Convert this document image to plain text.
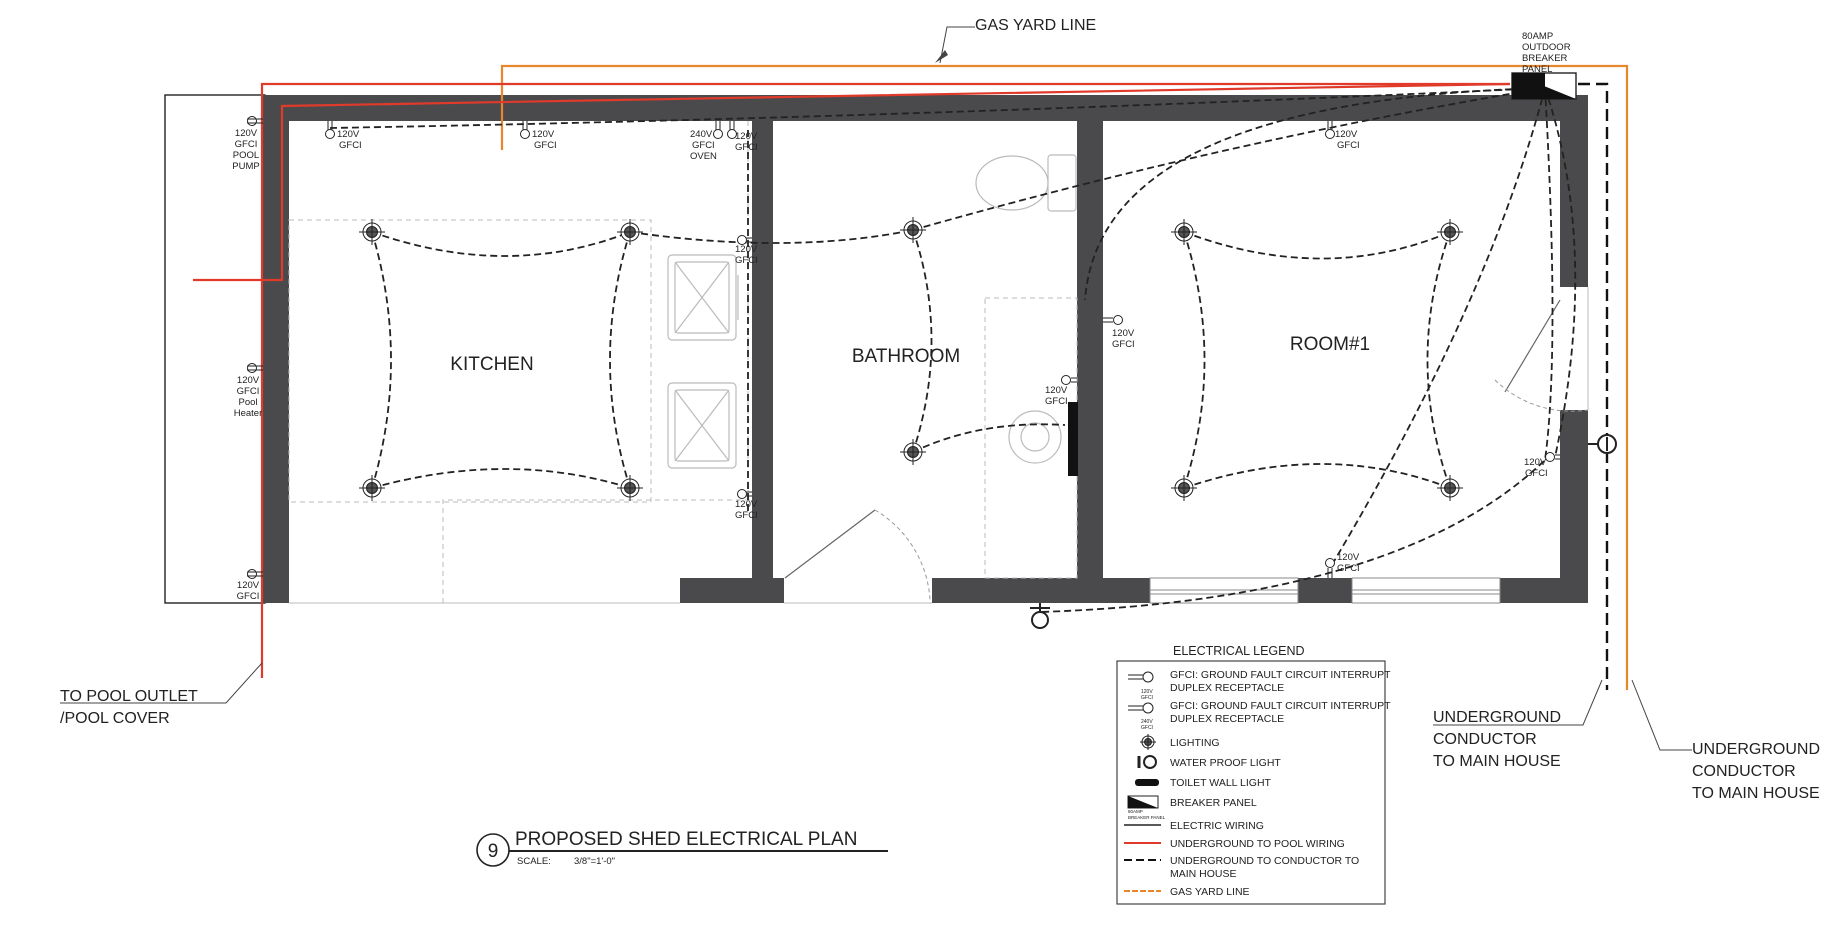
120V
GFCI
POOL
PUMP
120V
GFCI
Pool
Heater
120V
GFCI
120V
GFCI
120V
GFCI
240V
GFCI
OVEN
120V
GFCI
120V
GFCI
120V
GFCI
120V
GFCI
120V
GFCI
120V
GFCI
120V
GFCI
120V
GFCI
80AMP
OUTDOOR
BREAKER
PANEL
KITCHEN	BATHROOM
ROOM#1
GAS YARD LINE
TO POOL OUTLET
/POOL COVER	UNDERGROUND
CONDUCTOR
TO MAIN HOUSE
UNDERGROUND
CONDUCTOR
TO MAIN HOUSE
9
PROPOSED SHED ELECTRICAL PLAN
SCALE: 3/8"=1'-0"
ELECTRICAL LEGEND
120V
GFCI
GFCI: GROUND FAULT CIRCUIT INTERRUPT
DUPLEX RECEPTACLE
240V
GFCI
GFCI: GROUND FAULT CIRCUIT INTERRUPT
DUPLEX RECEPTACLE
LIGHTING
WATER PROOF LIGHT
TOILET WALL LIGHT
80AMP
BREAKER PANEL
BREAKER PANEL
ELECTRIC WIRING
UNDERGROUND TO POOL WIRING
UNDERGROUND TO CONDUCTOR TO
MAIN HOUSE
GAS YARD LINE
